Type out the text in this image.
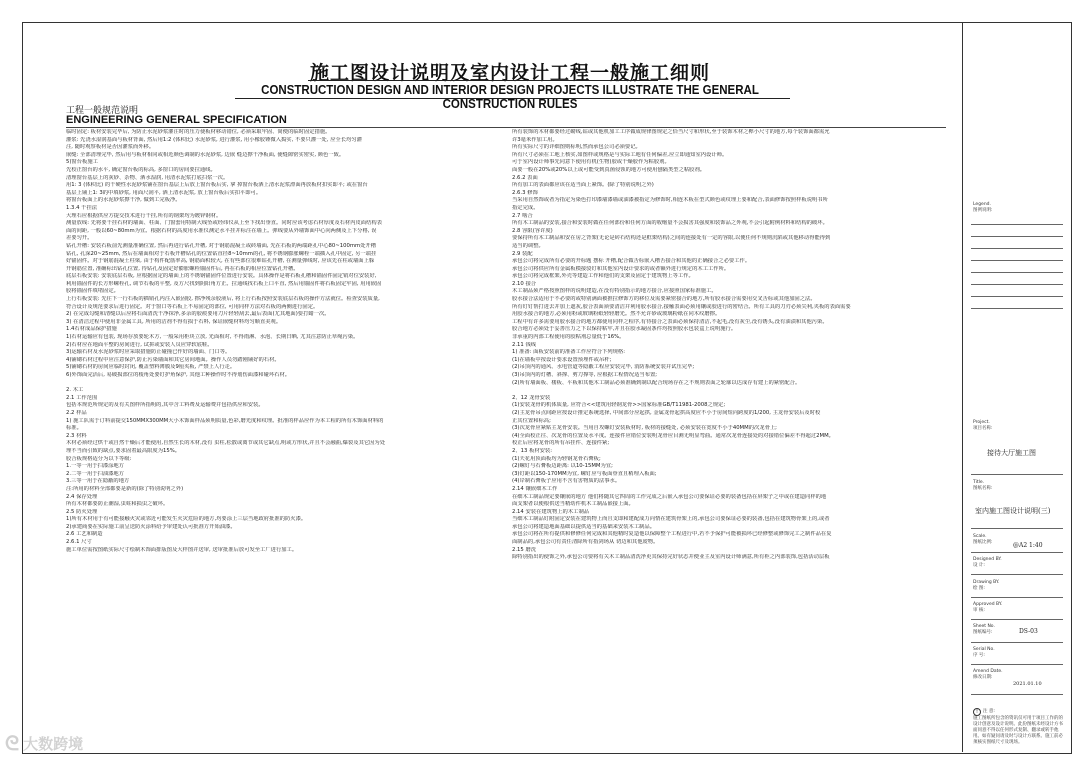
施工图设计说明及室内设计工程一般施工细则
CONSTRUCTION DESIGN AND INTERIOR DESIGN PROJECTS ILLUSTRATE THE GENERAL CONSTRUCTION RULES
工程一般规范说明
ENGINEERING GENERAL SPECIFICATION

临时固定: 板材安装完毕后, 为防止水泥砂浆灌注时的压力使板材移动错位, 必须采取牢固、简便的临时固定措施。

灌浆: 先浇水湿润基面与板材背面, 然后用1:2 (体积比) 水泥砂浆, 进行灌浆, 用小橡胶锤微入捣实, 不要只灌一处, 应全长均匀灌

注, 随时观察板材是否因灌浆而外移。

嵌缝: 全部清理完毕, 然后用与板材相同或相近颜色调制的水泥砂浆, 边嵌 缝边擦干净板面, 使缝隙密实密实, 颜色一致。

5)窗台板施工

先校正窗台的水平, 确定窗台板的标高, 多窗口的房间要拉通线。

清理窗台基层上的灰砂、杂物、洒水湿润, 用清水泥浆打底扫浆一次。

用1: 3 (体积比) 的干硬性水泥砂浆铺在窗台基层上后放上窗台板后实, 拿 掉窗台板洒上清水泥浆漂面再放板材扣实即平; 或在窗台

基层上铺上1: 3的中填砂浆, 用面尺刮平, 洒上清水泥浆, 放上窗台板后实扣平即可。

将窗台板面上的水泥砂浆擦干净, 做到工完板净。

1.3.4 干挂法

大理石应根据供应方提交技术进行干挂,所有的钢架均为镀锌钢材。

测量放线: 先将要干挂石材的墙面、柱面、门窗套用特制大线坠或经纬仪从上至下找出垂直。同时应该考虑石材厚度及石材内皮面结构表

面的间距, 一般以60~80mm为宜。根据石材的高度用水准仪测定水平挂并标注在墙上。弹线要从外墙饰面中心向两侧及上下分格, 误

差要匀开。

钻孔开槽: 安装石板前先测量准确位置, 然后再进行钻孔开槽, 对于钢筋混凝土或砖墙面, 先在石板的两端距孔中心80~100mm处开槽

钻孔, 孔深20~25mm, 然后在墙面相对于石板开槽钻孔的位置钻直径8~10mm的孔, 将不锈钢膨胀螺栓一端插入孔中固定, 另一端挂

好锚固件。对于钢筋混凝土柱梁, 由于构件配筋率高, 钢筋面积较大, 在有些部位很难钻孔开槽, 在测量弹线时, 应该先在柱或墙面上躲

开钢筋位置, 准确标出钻孔位置, 待钻孔及固定好膨胀螺栓锚固件后, 再在石板的相应位置钻孔开槽。

底层石板安装: 安装底层石板, 应根据固定的墙面上的不锈钢锚固件位置进行安装。具体操作是将石板孔槽和锚固件固定销对位安装好,

利用锚固件的长方形螺栓孔, 调节石板的平整, 及方尺找到阴阳角方正。拉通线找石板上口平直, 然后用锚固件将石板固定牢固, 用用嵌固

胶将锚固件填堵固定。

上行石板安装: 先往下一行石板的插销孔内注入嵌固胶, 擦净残余胶液后, 将上行石板按照安装底层石板的操作方法就位。检查安装质量,

符合设计及规范要求后进行固定。对于窗口等石板上不易固定的部位, 可用同样方法对石板的两侧进行固定。

2) 在完成勾缝和清缝以后应将石面清洗干净抹净,多余的胶痕要用刀片轻轻刮去,最后表面(尤其地面)要打蜡一次。

3) 在清洁过程中使用非金属工具, 所用的洁剂不得有损于石料, 保证嵌缝材料均匀顺直美观。

1.4石材成品保护措施

1)石材运输应有包装, 现场存放要轮木方, 一般采用柜块立放, 光面相对, 不得雨淋、水泡、长期日晒, 尤其注意防止草绳污染。

2)石材应在地面平整的房间进行, 试拼或安装人员应穿软底鞋。

3)运输石材及水泥砂浆时应采取措施防止碰撞已作好的墙面、门口等。

4)铺砌石材过程中应注意保护,防止污染墙面和其它房间地面。操作人员勿踏刚铺好的石材。

5)铺砌石材的房间应临时封闭, 覆盖塑料薄膜及9厘夹板, 严禁上人行走。

6)外饰面完活后, 易破损部位的棱角处要钉护角保护, 其他工种操作时不得划伤面漆和碰坏石材。

2. 木工

2.1 工作范围

包括本规范所规定的及有关图样所指明的,其中含工料费及运输费并包括供应和安装。

2.2 样品

1) 施工队需于订料前提交150MMX300MM大小木饰面样品须明质量,色彩,磨光度和纹理。批准的样品应作为本工程的所有木饰面材料的

标准。

2.3 材料

木材必须经过烘干或自然干燥后才能使用,自然生长的木材,没有 虫柱,松散或离节或其它缺点,明或方形状,并且不会融曲,爆裂及其它因为处

理不当而引致的缺点,要求固着最高限度为15%。

胶合板规格适分为以下等级:

1.一等一用于扫漆涂地方

2.二等一用于扫油漆地方

3.三等一用于在隐蔽的地方

注:所用的材料全部都要是新的(除了特别说明之外)

2.4 保存处理

所有木材都要防止潮湿,虫蛀和损虫之破坏。

2.5 防火处理

1)所有木材用于有可能接触火灾或邻近可能发生火灾危险的地方,均要涂上三层当地政府批准的防火漆。

2)承建商要在实际施工前呈送防火涂料给予审建处认可批准方开始油漆。

2.6 工艺和制造

2.6.1 尺寸

施工单位需按图纸实际尺寸绘制木饰面排版图及大样图并送审, 送审批准后放可发至工厂进行加工。

所有装饰的木材都要经过砌线,钻或其他机加工工序做成规律图规定之恰当尺寸和形状,至于装饰木材之榫小尺寸的地方,每个装饰面都需允

许3毫米作加工用。

所有实际尺寸的详细图则标明,然而承包公司必须要记。

所有尺寸必须在工地上核实,如图样或规格是与实际工地有任何偏差,应立即通知室内设计师。

可于室内设计师事先同意下使用有机(生物)胶或干燥胶作为粘胶剂。

面要一般在20%或20%以上或可能受到真菌侵蚀的地方可使用刨隔类型之粘胶剂。

2.6.2 表面

所有加工的表面都应该在适当面上紧饰。(除了特别说明之外)

2.6.3 修饰

当采用自然饰或者为指定为染色打印漆墙漆墙或油漆被指定为修饰时,相连木板在型式颜色或纹理上要和配合,表面修饰按照样板说明书所

指定完成。

2.7 啮合

所有木工制品的安装,接合和安装时做在任何部份和任何方面的收缩量不会损害其强度和装饰品之外观,不会引起附例材料和结构的破坏。

2.8 容限(容许度)

要保持所有木工制品和安在房之背架(无论是砖石结构还是框架结构)之间的连接处有一定的容限,以便任何不规则沉陷或其他移动得能得到

适当的调整。

2.9 装配

承包公司将完成所有必要的开标题 摆标 开槽,配合做舌标嵌入槽舌接合和其他的正确接合之必要工作。

承包公司将供应所有金属板模接驳钉和其他室内设计要求的或者额外进行规定的木工工作所。

承包公司将完成框架,外壳等建造工作和他们的支架及固定于建筑物上等工作。

2.10 接合

木工制品须严格按照图样的说明建造,在没有特别指示的地方接合,应接照国家标准施工。

胶水接合法适用于不必要的或特别满面被推拉修饰方的移位及需要紧密接合的地方,所有胶水接合需要用交叉舌标或其他加固之法。

所有钉钉帮打进去并加上遮灰,胶合表面须要清洁并利用胶水接合,接触表面必须用镶或胶进行的密结合。所有工具的刀刃必须尖利,夹板的表面需要

用胶水接合的地方,必须用粉或玻璃粉纸轻轻磨光。然不允许砂或玻璃粉纸在同木纹磨擦。

工程中有许多需要用胶水接合的地方都使用同样之程序,有待接合之表面必须保持清洁,不起毛,没有灰尘,没有锈头,没有油渍和其他污染。

胶合地方必须处于妥善压力之下以保持粘牢,并且在胶水凝固条件均按照胶水包装盒上说明施行。

非承重的内部工程使用的胶粘剂总量低于16%。

2.11 钱线

1) 准备: 面板安装前的准备工作应符合下列规格:

(1)在墙板中按设计要求设置预埋件或吊杆;

(2)吊顶内的通风、水电管道等隐蔽工程应安装完毕, 消防系统安装并试压完毕;

(3)吊顶内的灯槽、斜撑、剪刀撑等, 应根据工程情况适当布置;

(2)所有墙面板、楼板、平板和其他木工制品必须准确到制以配合现场存在之不规则表面之轮廓以达成存有建上的紧密配合。

2、12 龙骨安装

(1)安装龙骨的机体质量, 应符合<<建筑用轻钢龙骨>>国家标准GB/T11981-2008之规定;

(2)主龙骨吊点间距应按设计推定系统选择, 中间部分应起拱, 金属龙骨起拱高度应不小于房间短向跨度的1/200, 主龙骨安装后及时校

正其位置和标高;

(3)次龙骨应紧贴主龙骨安装。当用自攻螺钉安装板材时, 板材的接缝处, 必须安装在宽度不小于40MM的次龙骨上;

(4)全面校正往、次龙骨的位置及水平度。连接件应错位安装明龙骨应目测无明显弯曲。通常次龙骨连接处的对接错位偏差不得超过2MM。

校正后应将龙骨的所有吊挂件、连接件紧;

2、13 板材安装:

(1)天花用顶面板均为轻钢龙骨石膏板;

(2)螺钉与石膏板边距离: 以10-15MM为宜;

(3)钉距以150-170MM为宜, 螺钉应与板面垂直且稍埋入板面;

(4)岸制石膏板子应用不含有害物质的法事水。

2.14 镶嵌细木工作

在细木工制品规定要镶嵌的地方 他们将随其它四周的工作完成之后嵌入承包公司要保证必要的装备包括在屏架子之中或在建造同样的地

面支架者以便根供送当精幼件机木工制品嵌接上面。

2.14 安装在建筑物上的木工制品

当细木工制品钉附固定安装在建筑物上而且支即和建配成力向情在建筑骨架上的,承包公司要保证必要的装备,包括在建筑物骨架上的,或者

承包公司将建造地面基础以提供适当的基础来安装木工制品。

承包公司将在所有提供和修修任何完成和其他精时复造他以保障整个工程进行中,若不予保护可能被损坏已经修整或修饰完工之制件品在复

面制品的,承包公司有责任清除所有指剑场从 切边和其他废物。

2.15 磨洗

除特别指出的使饰之外,承包公司要将有关木工制品清洗净更其保持完好状态并便业主及室内设计师满意,所有柜之内部装饰,包括活动层板

Legend.
图例说明:
Project.
项目名称:
接待大厅施工图
Title.
图纸名称:
室内施工图设计说明(三)
Scale.
图纸比例:	@A2 1:40
Designed BY.
设 计:
Drawing BY.
绘 图:
Approved BY.
审 核:
Sheet No.
图纸编号:	DS-03
Serial No.
序 号:
Amend Date.
修改日期:
2021.01.10
!	注 意:
施工图纸所包含的资讯仅可用于项目工作的的设计创意及设计说明。此份图纸未经设计方书面同意不得以任何形式复制、翻录或转手他用。如有疑问请及时与设计方联系。施工前必须核实图纸尺寸及现场。
ᘓ 大数跨境
